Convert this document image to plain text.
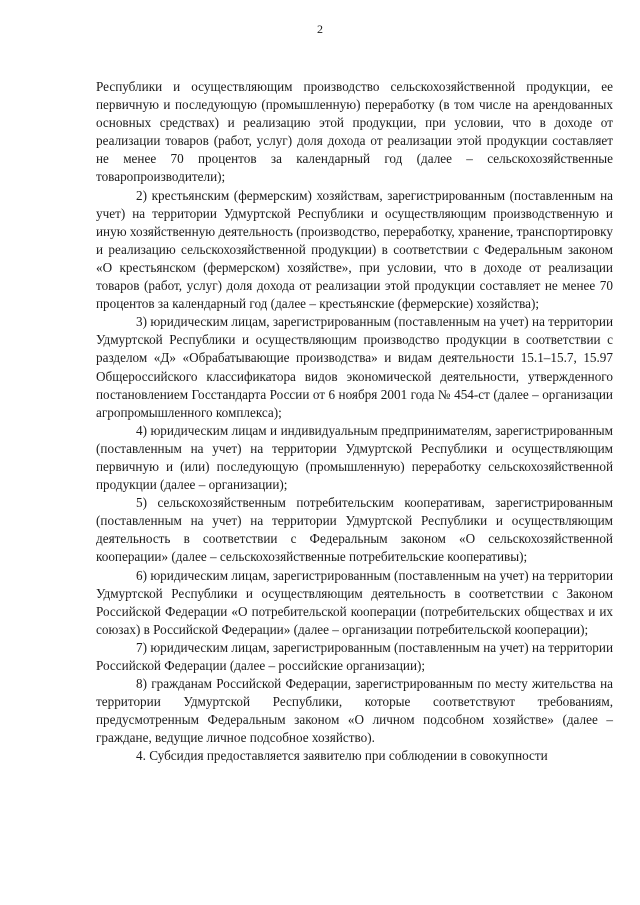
2

Республики и осуществляющим производство сельскохозяйственной продукции, ее первичную и последующую (промышленную) переработку (в том числе на арендованных основных средствах) и реализацию этой продукции, при условии, что в доходе от реализации товаров (работ, услуг) доля дохода от реализации этой продукции составляет не менее 70 процентов за календарный год (далее – сельскохозяйственные товаропроизводители);

2) крестьянским (фермерским) хозяйствам, зарегистрированным (поставленным на учет) на территории Удмуртской Республики и осуществляющим производственную и иную хозяйственную деятельность (производство, переработку, хранение, транспортировку и реализацию сельскохозяйственной продукции) в соответствии с Федеральным законом «О крестьянском (фермерском) хозяйстве», при условии, что в доходе от реализации товаров (работ, услуг) доля дохода от реализации этой продукции составляет не менее 70 процентов за календарный год (далее – крестьянские (фермерские) хозяйства);

3) юридическим лицам, зарегистрированным (поставленным на учет) на территории Удмуртской Республики и осуществляющим производство продукции в соответствии с разделом «Д» «Обрабатывающие производства» и видам деятельности 15.1–15.7, 15.97 Общероссийского классификатора видов экономической деятельности, утвержденного постановлением Госстандарта России от 6 ноября 2001 года № 454-ст (далее – организации агропромышленного комплекса);

4) юридическим лицам и индивидуальным предпринимателям, зарегистрированным (поставленным на учет) на территории Удмуртской Республики и осуществляющим первичную и (или) последующую (промышленную) переработку сельскохозяйственной продукции (далее – организации);

5) сельскохозяйственным потребительским кооперативам, зарегистрированным (поставленным на учет) на территории Удмуртской Республики и осуществляющим деятельность в соответствии с Федеральным законом «О сельскохозяйственной кооперации» (далее – сельскохозяйственные потребительские кооперативы);

6) юридическим лицам, зарегистрированным (поставленным на учет) на территории Удмуртской Республики и осуществляющим деятельность в соответствии с Законом Российской Федерации «О потребительской кооперации (потребительских обществах и их союзах) в Российской Федерации» (далее – организации потребительской кооперации);

7) юридическим лицам, зарегистрированным (поставленным на учет) на территории Российской Федерации (далее – российские организации);

8) гражданам Российской Федерации, зарегистрированным по месту жительства на территории Удмуртской Республики, которые соответствуют требованиям, предусмотренным Федеральным законом «О личном подсобном хозяйстве» (далее – граждане, ведущие личное подсобное хозяйство).

4. Субсидия предоставляется заявителю при соблюдении в совокупности
